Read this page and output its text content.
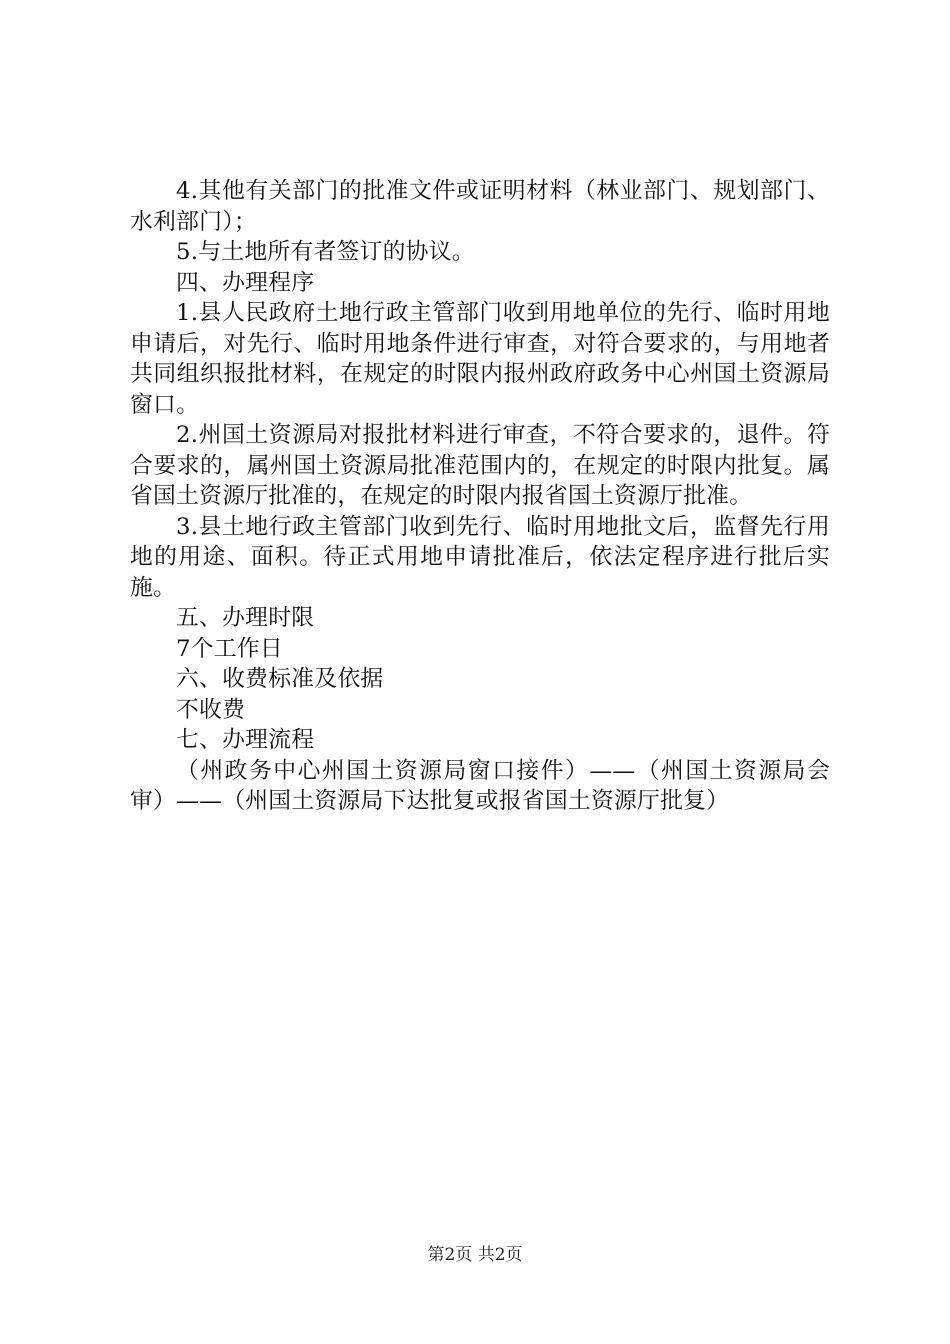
4.其他有关部门的批准文件或证明材料（林业部门、规划部门、水利部门）；

5.与土地所有者签订的协议。

四、办理程序

1.县人民政府土地行政主管部门收到用地单位的先行、临时用地申请后，对先行、临时用地条件进行审查，对符合要求的，与用地者共同组织报批材料，在规定的时限内报州政府政务中心州国土资源局窗口。

2.州国土资源局对报批材料进行审查，不符合要求的，退件。符合要求的，属州国土资源局批准范围内的，在规定的时限内批复。属省国土资源厅批准的，在规定的时限内报省国土资源厅批准。

3.县土地行政主管部门收到先行、临时用地批文后，监督先行用地的用途、面积。待正式用地申请批准后，依法定程序进行批后实施。

五、办理时限

7个工作日

六、收费标准及依据

不收费

七、办理流程

（州政务中心州国土资源局窗口接件）——（州国土资源局会审）——（州国土资源局下达批复或报省国土资源厅批复）

第2页 共2页
